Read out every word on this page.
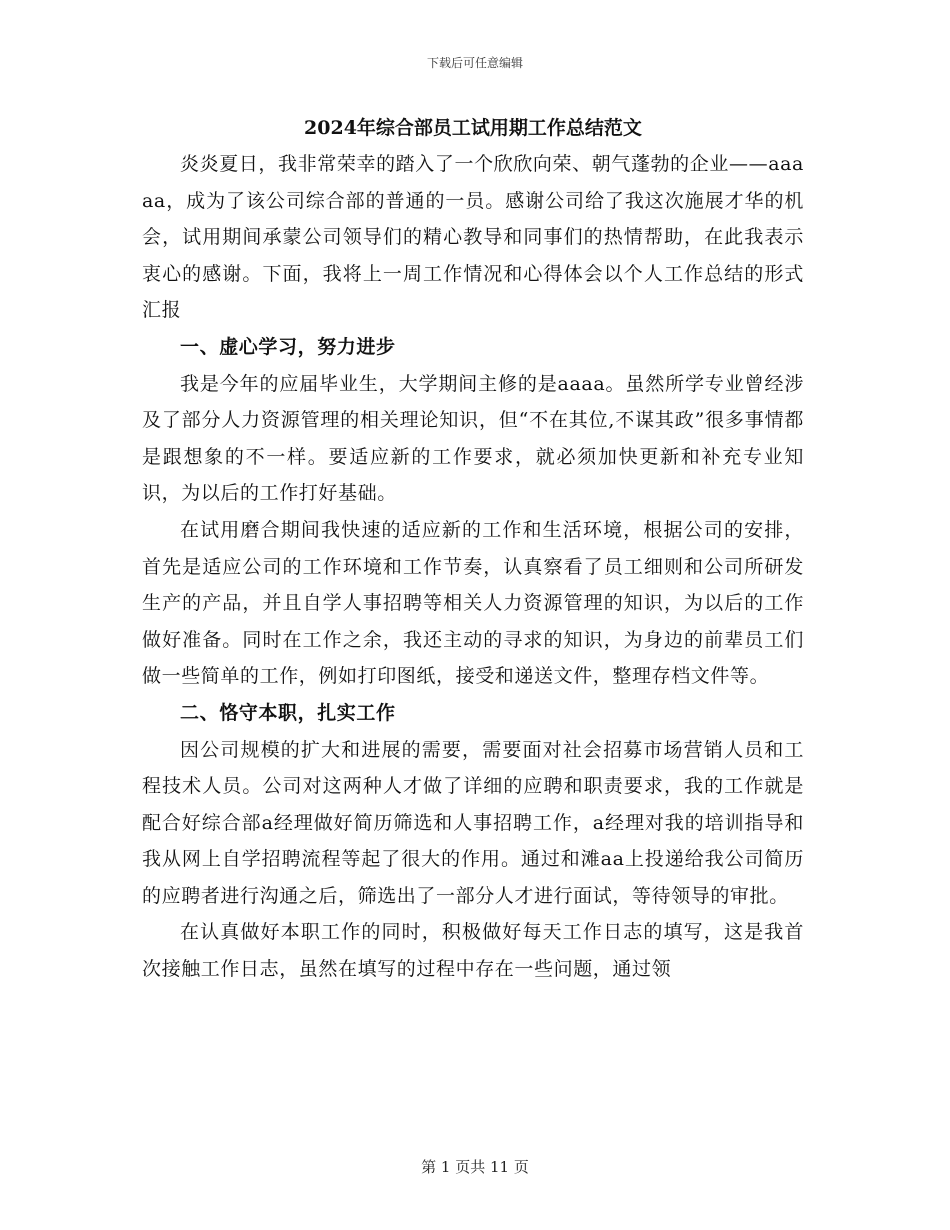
下载后可任意编辑
2024年综合部员工试用期工作总结范文

炎炎夏日，我非常荣幸的踏入了一个欣欣向荣、朝气蓬勃的企业——aaaaa，成为了该公司综合部的普通的一员。感谢公司给了我这次施展才华的机会，试用期间承蒙公司领导们的精心教导和同事们的热情帮助，在此我表示衷心的感谢。下面，我将上一周工作情况和心得体会以个人工作总结的形式汇报

一、虚心学习，努力进步

我是今年的应届毕业生，大学期间主修的是aaaa。虽然所学专业曾经涉及了部分人力资源管理的相关理论知识，但“不在其位,不谋其政”很多事情都是跟想象的不一样。要适应新的工作要求，就必须加快更新和补充专业知识，为以后的工作打好基础。

在试用磨合期间我快速的适应新的工作和生活环境，根据公司的安排，首先是适应公司的工作环境和工作节奏，认真察看了员工细则和公司所研发生产的产品，并且自学人事招聘等相关人力资源管理的知识，为以后的工作做好准备。同时在工作之余，我还主动的寻求的知识，为身边的前辈员工们做一些简单的工作，例如打印图纸，接受和递送文件，整理存档文件等。

二、恪守本职，扎实工作

因公司规模的扩大和进展的需要，需要面对社会招募市场营销人员和工程技术人员。公司对这两种人才做了详细的应聘和职责要求，我的工作就是配合好综合部a经理做好简历筛选和人事招聘工作，a经理对我的培训指导和我从网上自学招聘流程等起了很大的作用。通过和滩aa上投递给我公司简历的应聘者进行沟通之后，筛选出了一部分人才进行面试，等待领导的审批。

在认真做好本职工作的同时，积极做好每天工作日志的填写，这是我首次接触工作日志，虽然在填写的过程中存在一些问题，通过领

第 1 页共 11 页
